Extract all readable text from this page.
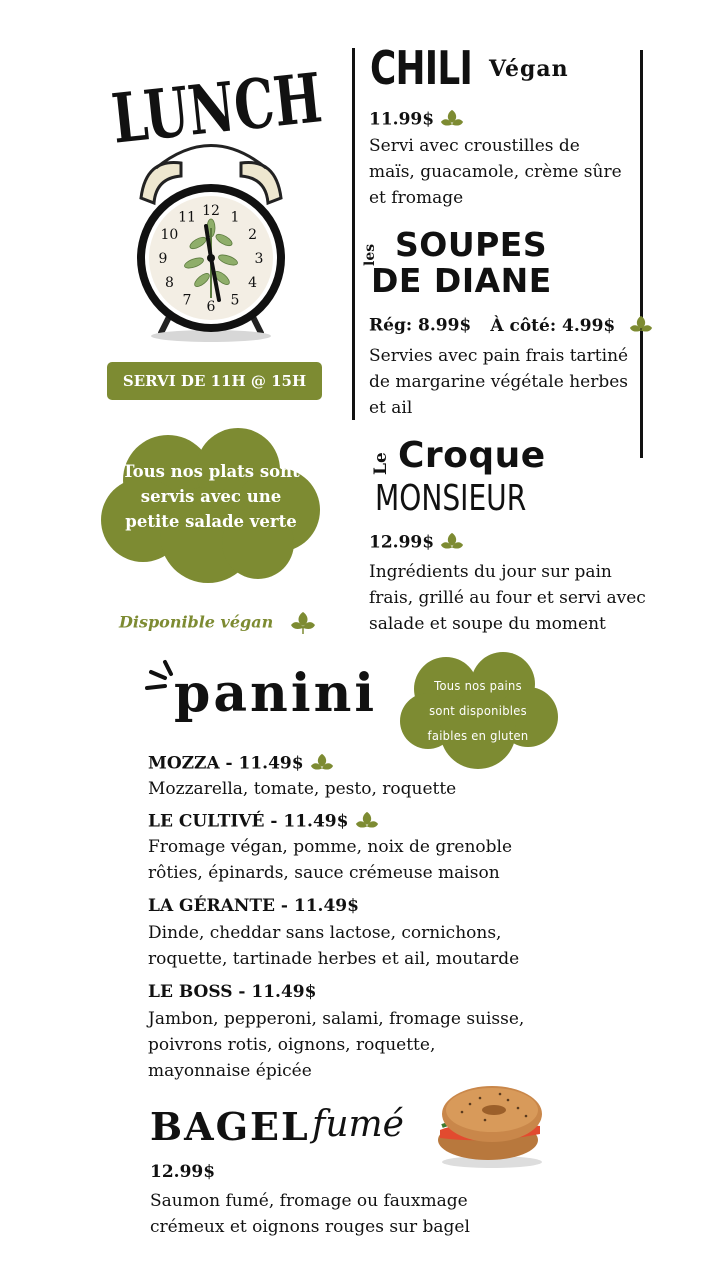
LUNCH
12 1
2
3
4
5
6
7
8
9
10
11
SERVI DE 11H @ 15H
Tous nos plats sont servis avec une petite salade verte
Disponible végan
CHILI Végan
11.99$
Servi avec croustilles de
maïs, guacamole, crème sûre
et fromage
les SOUPES
DE DIANE
Rég: 8.99$ À côté: 4.99$
Servies avec pain frais tartiné
de margarine végétale herbes
et ail
Le Croque
MONSIEUR
12.99$
Ingrédients du jour sur pain
frais, grillé au four et servi avec
salade et soupe du moment
panini	Tous nos pains
sont disponibles
faibles en gluten
MOZZA - 11.49$
Mozzarella, tomate, pesto, roquette
LE CULTIVÉ - 11.49$
Fromage végan, pomme, noix de grenoble
rôties, épinards, sauce crémeuse maison
LA GÉRANTE - 11.49$
Dinde, cheddar sans lactose, cornichons,
roquette, tartinade herbes et ail, moutarde
LE BOSS - 11.49$
Jambon, pepperoni, salami, fromage suisse,
poivrons rotis, oignons, roquette,
mayonnaise épicée
BAGEL fumé
12.99$
Saumon fumé, fromage ou fauxmage
crémeux et oignons rouges sur bagel
